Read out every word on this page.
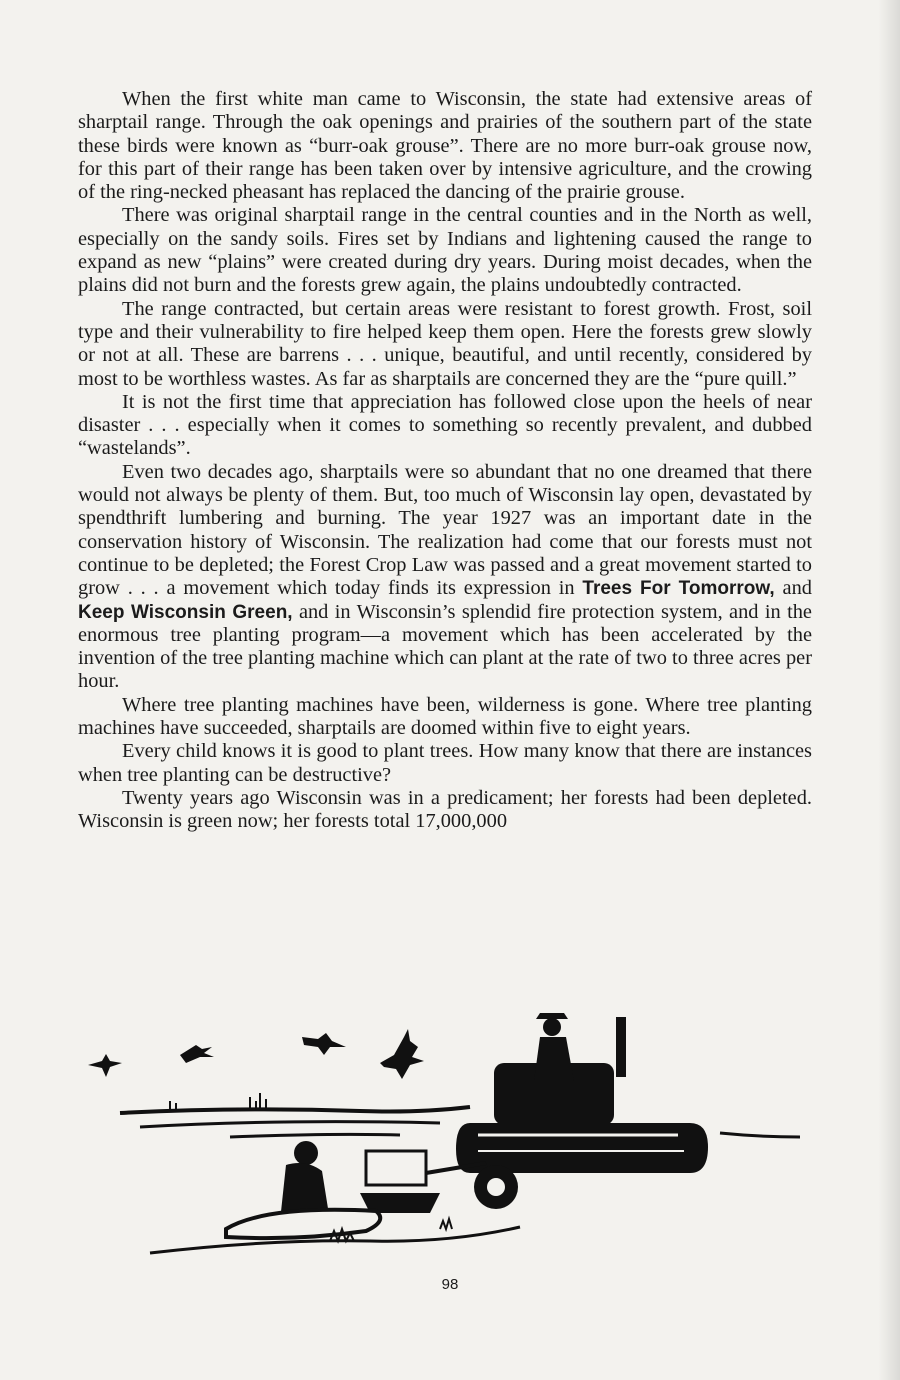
When the first white man came to Wisconsin, the state had extensive areas of sharptail range. Through the oak openings and prairies of the southern part of the state these birds were known as “burr-oak grouse”. There are no more burr-oak grouse now, for this part of their range has been taken over by intensive agriculture, and the crowing of the ring-necked pheasant has replaced the dancing of the prairie grouse.

There was original sharptail range in the central counties and in the North as well, especially on the sandy soils. Fires set by Indians and lightening caused the range to expand as new “plains” were created during dry years. During moist decades, when the plains did not burn and the forests grew again, the plains undoubtedly contracted.

The range contracted, but certain areas were resistant to forest growth. Frost, soil type and their vulnerability to fire helped keep them open. Here the forests grew slowly or not at all. These are barrens . . . unique, beautiful, and until recently, considered by most to be worthless wastes. As far as sharptails are concerned they are the “pure quill.”

It is not the first time that appreciation has followed close upon the heels of near disaster . . . especially when it comes to something so recently prevalent, and dubbed “wastelands”.

Even two decades ago, sharptails were so abundant that no one dreamed that there would not always be plenty of them. But, too much of Wisconsin lay open, devastated by spendthrift lumbering and burning. The year 1927 was an important date in the conservation history of Wisconsin. The realization had come that our forests must not continue to be depleted; the Forest Crop Law was passed and a great movement started to grow . . . a movement which today finds its expression in Trees For Tomorrow, and Keep Wisconsin Green, and in Wisconsin’s splendid fire protection system, and in the enormous tree planting program—a movement which has been accelerated by the invention of the tree planting machine which can plant at the rate of two to three acres per hour.

Where tree planting machines have been, wilderness is gone. Where tree planting machines have succeeded, sharptails are doomed within five to eight years.

Every child knows it is good to plant trees. How many know that there are instances when tree planting can be destructive?

Twenty years ago Wisconsin was in a predicament; her forests had been depleted. Wisconsin is green now; her forests total 17,000,000

98
